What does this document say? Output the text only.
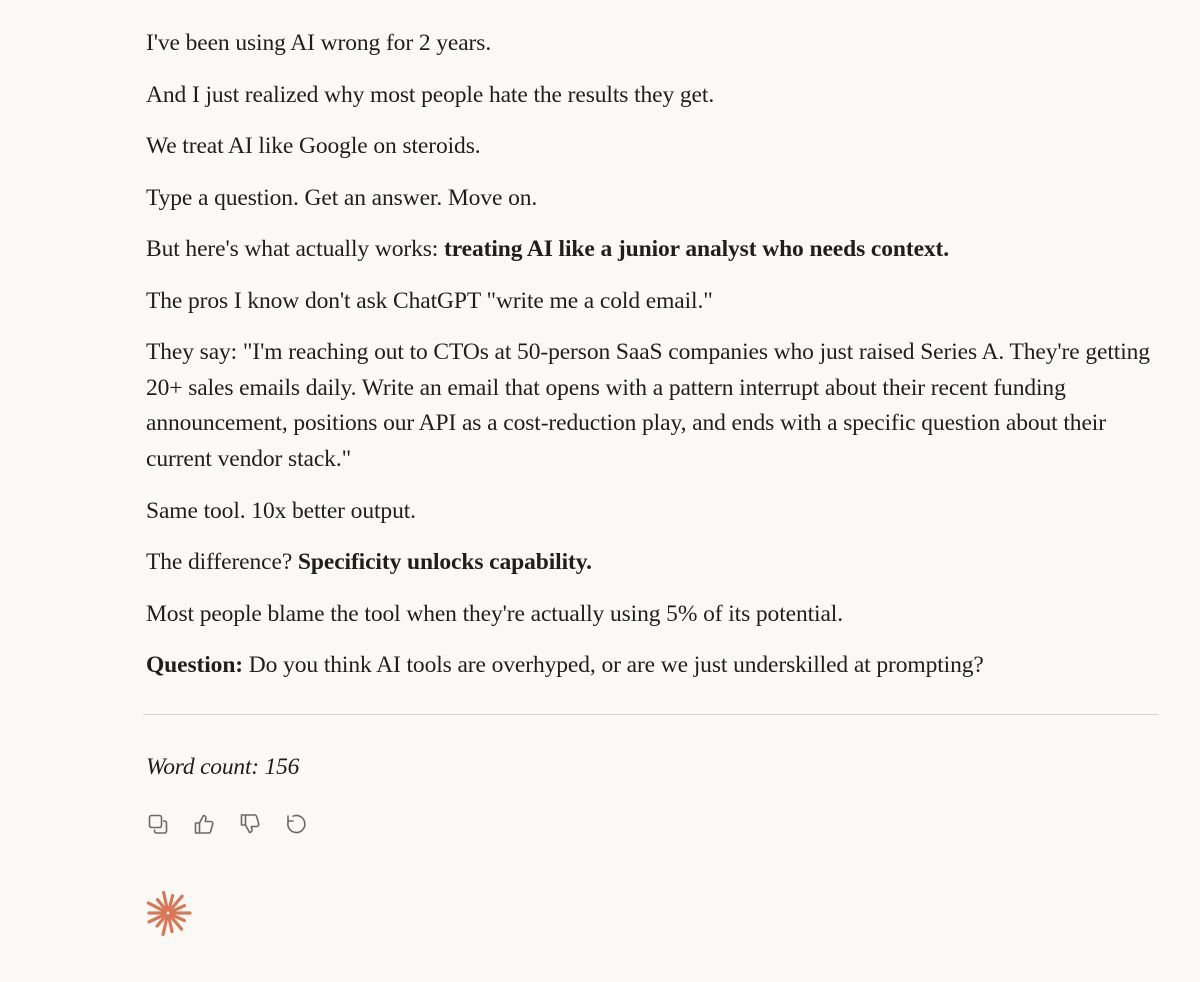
I've been using AI wrong for 2 years.

And I just realized why most people hate the results they get.

We treat AI like Google on steroids.

Type a question. Get an answer. Move on.

But here's what actually works: treating AI like a junior analyst who needs context.

The pros I know don't ask ChatGPT "write me a cold email."

They say: "I'm reaching out to CTOs at 50-person SaaS companies who just raised Series A. They're getting 20+ sales emails daily. Write an email that opens with a pattern interrupt about their recent funding announcement, positions our API as a cost-reduction play, and ends with a specific question about their current vendor stack."

Same tool. 10x better output.

The difference? Specificity unlocks capability.

Most people blame the tool when they're actually using 5% of its potential.

Question: Do you think AI tools are overhyped, or are we just underskilled at prompting?

Word count: 156
